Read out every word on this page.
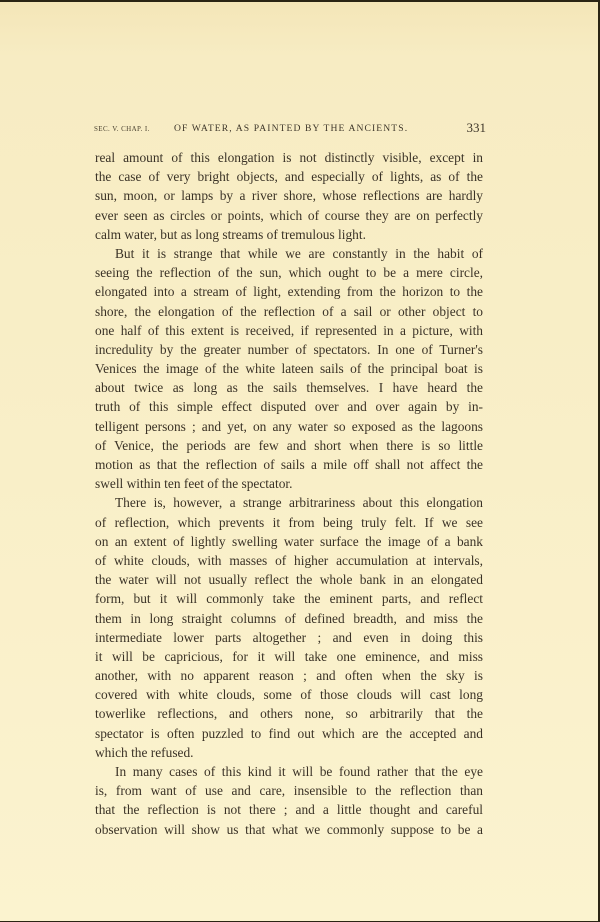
SEC. V. CHAP. I.	OF WATER, AS PAINTED BY THE ANCIENTS.	331
real amount of this elongation is not distinctly visible, except in
the case of very bright objects, and especially of lights, as of the
sun, moon, or lamps by a river shore, whose reflections are hardly
ever seen as circles or points, which of course they are on perfectly
calm water, but as long streams of tremulous light.
But it is strange that while we are constantly in the habit of
seeing the reflection of the sun, which ought to be a mere circle,
elongated into a stream of light, extending from the horizon to the
shore, the elongation of the reflection of a sail or other object to
one half of this extent is received, if represented in a picture, with
incredulity by the greater number of spectators. In one of Turner's
Venices the image of the white lateen sails of the principal boat is
about twice as long as the sails themselves. I have heard the
truth of this simple effect disputed over and over again by in-
telligent persons ; and yet, on any water so exposed as the lagoons
of Venice, the periods are few and short when there is so little
motion as that the reflection of sails a mile off shall not affect the
swell within ten feet of the spectator.
There is, however, a strange arbitrariness about this elongation
of reflection, which prevents it from being truly felt. If we see
on an extent of lightly swelling water surface the image of a bank
of white clouds, with masses of higher accumulation at intervals,
the water will not usually reflect the whole bank in an elongated
form, but it will commonly take the eminent parts, and reflect
them in long straight columns of defined breadth, and miss the
intermediate lower parts altogether ; and even in doing this
it will be capricious, for it will take one eminence, and miss
another, with no apparent reason ; and often when the sky is
covered with white clouds, some of those clouds will cast long
towerlike reflections, and others none, so arbitrarily that the
spectator is often puzzled to find out which are the accepted and
which the refused.
In many cases of this kind it will be found rather that the eye
is, from want of use and care, insensible to the reflection than
that the reflection is not there ; and a little thought and careful
observation will show us that what we commonly suppose to be a
